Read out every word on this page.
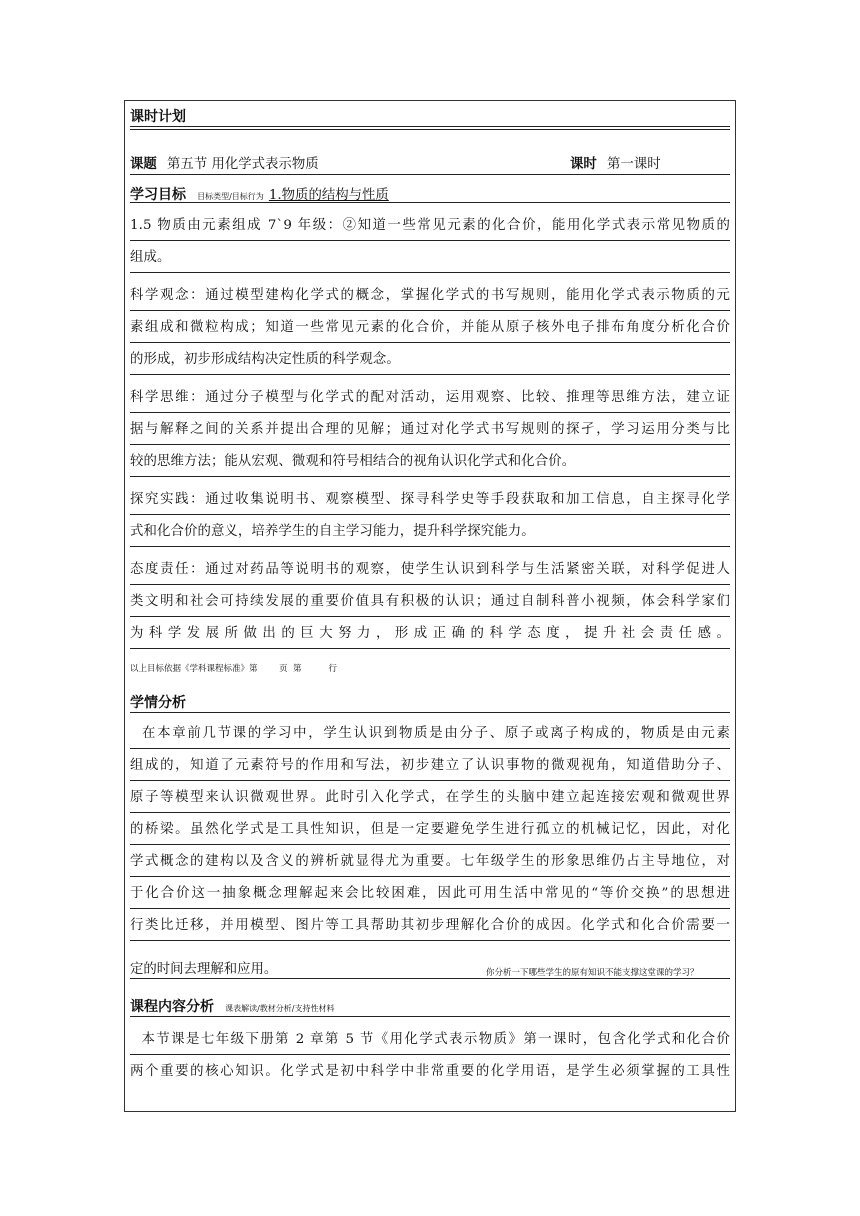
课时计划
课题 第五节 用化学式表示物质	课时 第一课时
学习目标 目标类型/目标行为 1.物质的结构与性质
1.5 物质由元素组成 7`9 年级：②知道一些常见元素的化合价，能用化学式表示常见物质的
组成。
科学观念：通过模型建构化学式的概念，掌握化学式的书写规则，能用化学式表示物质的元
素组成和微粒构成；知道一些常见元素的化合价，并能从原子核外电子排布角度分析化合价
的形成，初步形成结构决定性质的科学观念。
科学思维：通过分子模型与化学式的配对活动，运用观察、比较、推理等思维方法，建立证
据与解释之间的关系并提出合理的见解；通过对化学式书写规则的探孑，学习运用分类与比
较的思维方法；能从宏观、微观和符号相结合的视角认识化学式和化合价。
探究实践：通过收集说明书、观察模型、探寻科学史等手段获取和加工信息，自主探寻化学
式和化合价的意义，培养学生的自主学习能力，提升科学探究能力。
态度责任：通过对药品等说明书的观察，使学生认识到科学与生活紧密关联，对科学促进人
类文明和社会可持续发展的重要价值具有积极的认识；通过自制科普小视频，体会科学家们
为科学发展所做出的巨大努力，形成正确的科学态度，提升社会责任感。
以上目标依据《学科课程标准》第        页  第          行
学情分析
在本章前几节课的学习中，学生认识到物质是由分子、原子或离子构成的，物质是由元素
组成的，知道了元素符号的作用和写法，初步建立了认识事物的微观视角，知道借助分子、
原子等模型来认识微观世界。此时引入化学式，在学生的头脑中建立起连接宏观和微观世界
的桥梁。虽然化学式是工具性知识，但是一定要避免学生进行孤立的机械记忆，因此，对化
学式概念的建构以及含义的辨析就显得尤为重要。七年级学生的形象思维仍占主导地位，对
于化合价这一抽象概念理解起来会比较困难，因此可用生活中常见的“等价交换”的思想进
行类比迁移，并用模型、图片等工具帮助其初步理解化合价的成因。化学式和化合价需要一
定的时间去理解和应用。	你分析一下哪些学生的原有知识不能支撑这堂课的学习？
课程内容分析 课表解读/教材分析/支持性材料
本节课是七年级下册第 2 章第 5 节《用化学式表示物质》第一课时，包含化学式和化合价
两个重要的核心知识。化学式是初中科学中非常重要的化学用语，是学生必须掌握的工具性
